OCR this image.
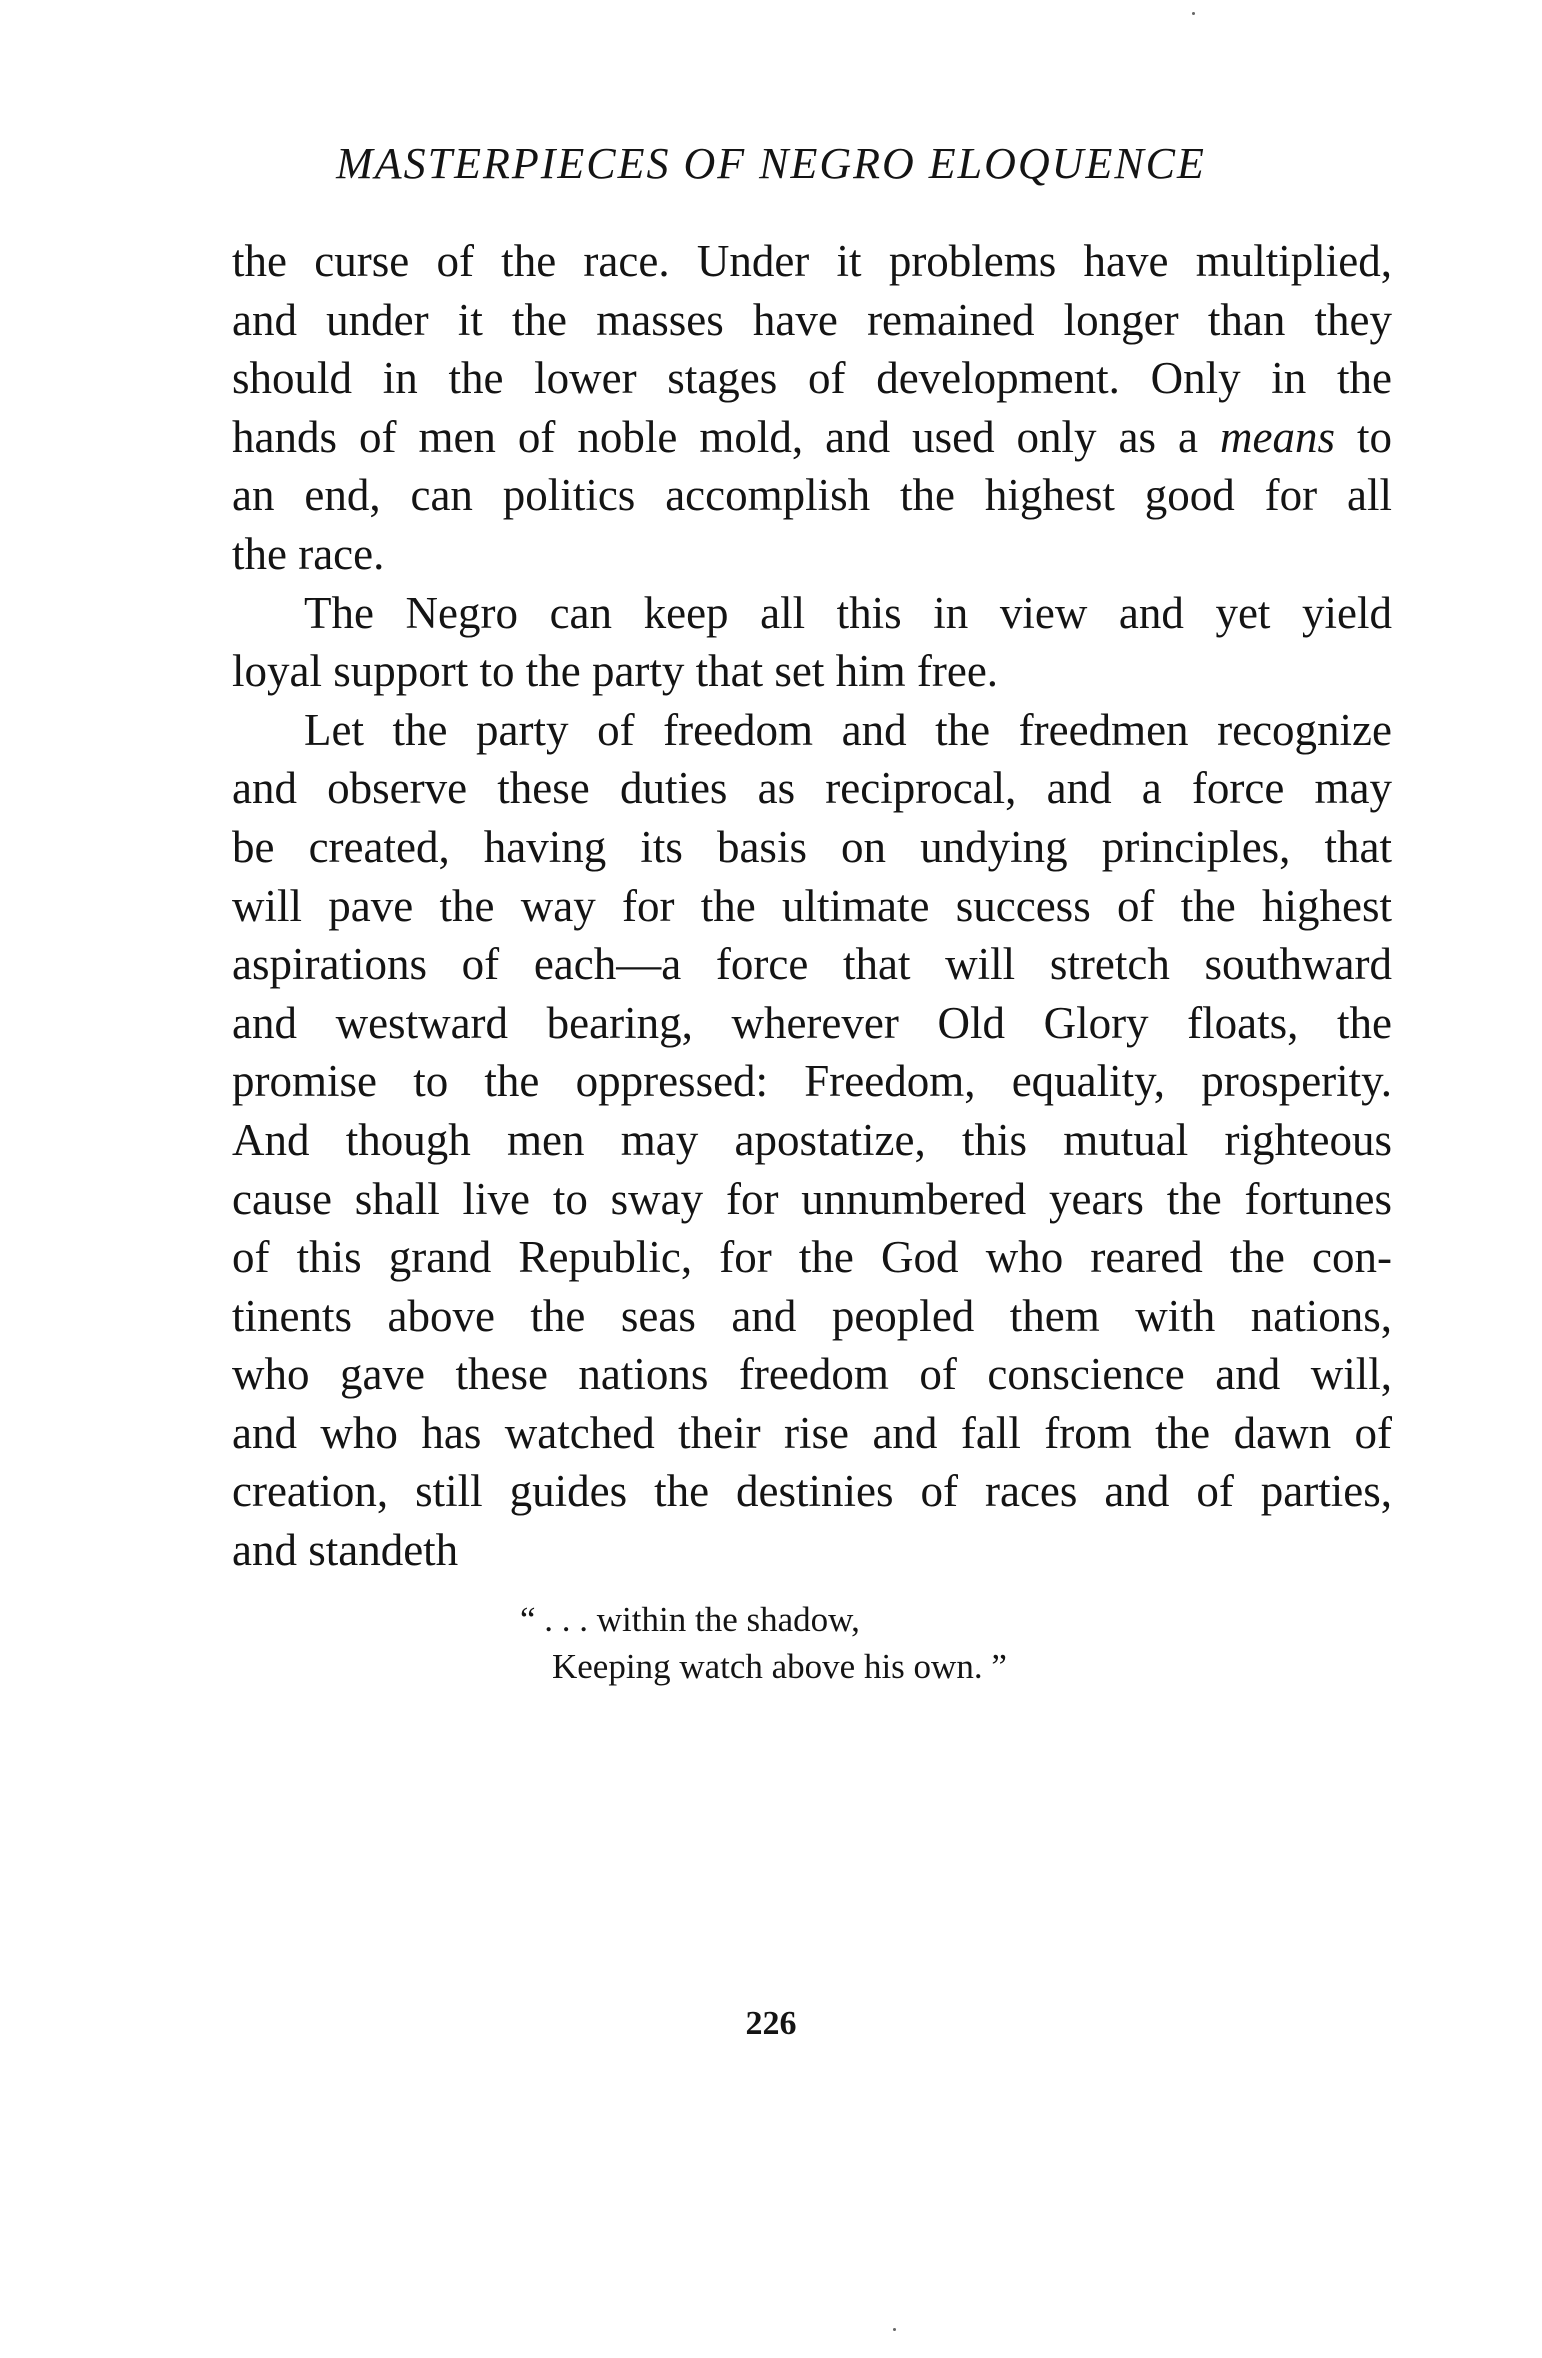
MASTERPIECES OF NEGRO ELOQUENCE
the curse of the race. Under it problems have multiplied,
and under it the masses have remained longer than they
should in the lower stages of development. Only in the
hands of men of noble mold, and used only as a means to
an end, can politics accomplish the highest good for all
the race.
The Negro can keep all this in view and yet yield
loyal support to the party that set him free.
Let the party of freedom and the freedmen recognize
and observe these duties as reciprocal, and a force may
be created, having its basis on undying principles, that
will pave the way for the ultimate success of the highest
aspirations of each—a force that will stretch southward
and westward bearing, wherever Old Glory floats, the
promise to the oppressed: Freedom, equality, prosperity.
And though men may apostatize, this mutual righteous
cause shall live to sway for unnumbered years the fortunes
of this grand Republic, for the God who reared the con-
tinents above the seas and peopled them with nations,
who gave these nations freedom of conscience and will,
and who has watched their rise and fall from the dawn of
creation, still guides the destinies of races and of parties,
and standeth
“ . . . within the shadow,
Keeping watch above his own. ”
226
